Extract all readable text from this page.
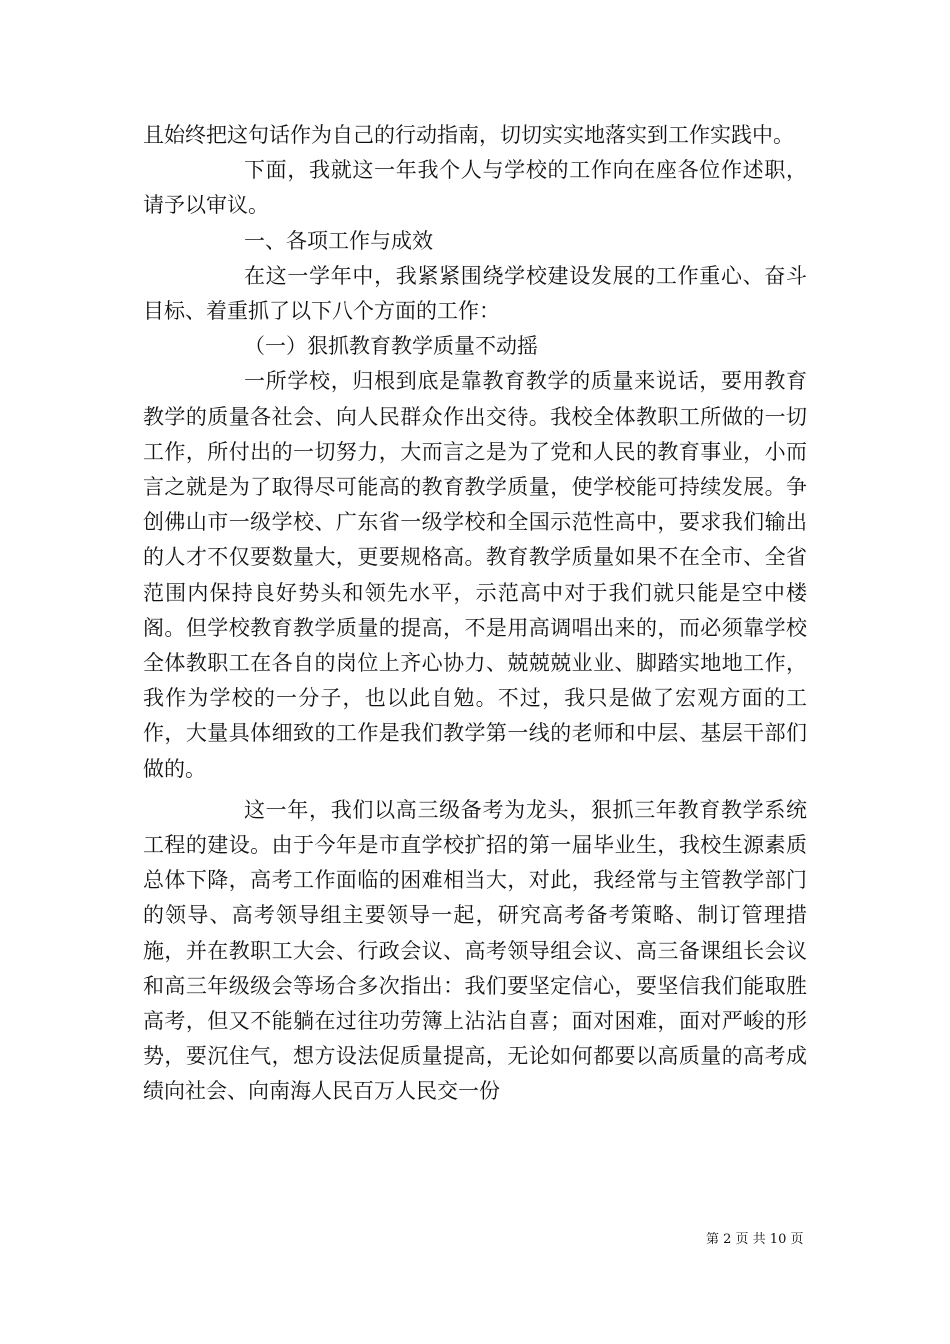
且始终把这句话作为自己的行动指南，切切实实地落实到工作实践中。

下面，我就这一年我个人与学校的工作向在座各位作述职，请予以审议。

一、各项工作与成效

在这一学年中，我紧紧围绕学校建设发展的工作重心、奋斗目标、着重抓了以下八个方面的工作：

（一）狠抓教育教学质量不动摇

一所学校，归根到底是靠教育教学的质量来说话，要用教育教学的质量各社会、向人民群众作出交待。我校全体教职工所做的一切工作，所付出的一切努力，大而言之是为了党和人民的教育事业，小而言之就是为了取得尽可能高的教育教学质量，使学校能可持续发展。争创佛山市一级学校、广东省一级学校和全国示范性高中，要求我们输出的人才不仅要数量大，更要规格高。教育教学质量如果不在全市、全省范围内保持良好势头和领先水平，示范高中对于我们就只能是空中楼阁。但学校教育教学质量的提高，不是用高调唱出来的，而必须靠学校全体教职工在各自的岗位上齐心协力、兢兢兢业业、脚踏实地地工作，我作为学校的一分子，也以此自勉。不过，我只是做了宏观方面的工作，大量具体细致的工作是我们教学第一线的老师和中层、基层干部们做的。

这一年，我们以高三级备考为龙头，狠抓三年教育教学系统工程的建设。由于今年是市直学校扩招的第一届毕业生，我校生源素质总体下降，高考工作面临的困难相当大，对此，我经常与主管教学部门的领导、高考领导组主要领导一起，研究高考备考策略、制订管理措施，并在教职工大会、行政会议、高考领导组会议、高三备课组长会议和高三年级级会等场合多次指出：我们要坚定信心，要坚信我们能取胜高考，但又不能躺在过往功劳簿上沾沾自喜；面对困难，面对严峻的形势，要沉住气，想方设法促质量提高，无论如何都要以高质量的高考成绩向社会、向南海人民百万人民交一份

第 2 页 共 10 页
